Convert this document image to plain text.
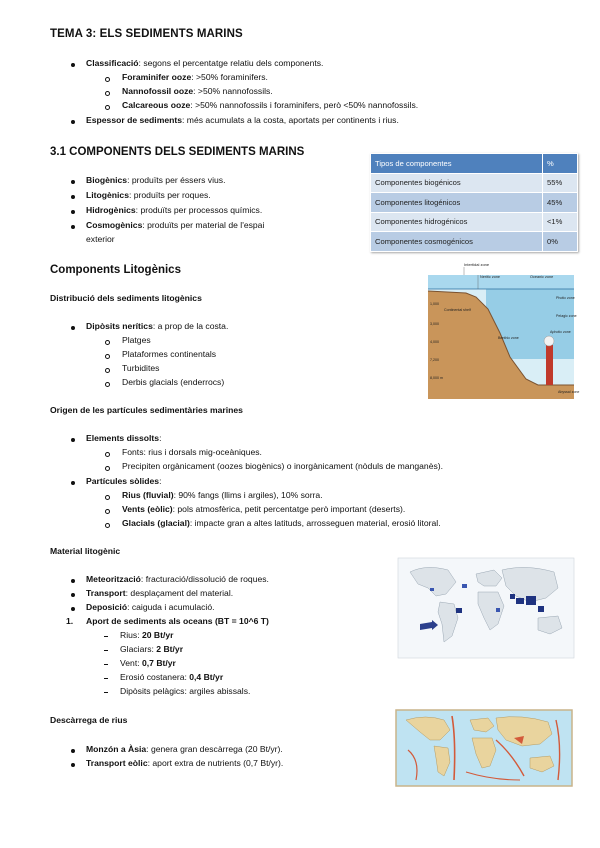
TEMA 3: ELS SEDIMENTS MARINS
Classificació: segons el percentatge relatiu dels components.
Foraminifer ooze: >50% foraminifers.
Nannofossil ooze: >50% nannofossils.
Calcareous ooze: >50% nannofossils i foraminifers, però <50% nannofossils.
Espessor de sediments: més acumulats a la costa, aportats per continents i rius.
3.1 COMPONENTS DELS SEDIMENTS MARINS
Biogènics: produïts per éssers vius.
Litogènics: produïts per roques.
Hidrogènics: produïts per processos químics.
Cosmogènics: produïts per material de l'espai
exterior
Tipos de componentes	%
Componentes biogénicos	55%
Componentes litogénicos	45%
Componentes hidrogénicos	<1%
Componentes cosmogénicos	0%
Components Litogènics
Distribució dels sediments litogènics
Dipòsits nerítics: a prop de la costa.
Platges
Plataformes continentals
Turbidites
Derbis glacials (enderrocs)
Intertidal zone
Neritic zone	Oceanic zone
Photic zone
Pelagic zone
Aphotic zone
Continental shelf
Benthic zone
Abyssal zone
1,000
3,000
4,000
7,200
8,000 m
Origen de les partícules sedimentàries marines
Elements dissolts:
Fonts: rius i dorsals mig-oceàniques.
Precipiten orgànicament (oozes biogènics) o inorgànicament (nòduls de manganès).
Partícules sòlides:
Rius (fluvial): 90% fangs (llims i argiles), 10% sorra.
Vents (eòlic): pols atmosfèrica, petit percentatge però important (deserts).
Glacials (glacial): impacte gran a altes latituds, arrosseguen material, erosió litoral.
Material litogènic
Meteorització: fracturació/dissolució de roques.
Transport: desplaçament del material.
Deposició: caiguda i acumulació.
1. Aport de sediments als oceans (BT = 10^6 T)
Rius: 20 Bt/yr
Glaciars: 2 Bt/yr
Vent: 0,7 Bt/yr
Erosió costanera: 0,4 Bt/yr
Dipòsits pelàgics: argiles abissals.
Descàrrega de rius
Monzón a Àsia: genera gran descàrrega (20 Bt/yr).
Transport eòlic: aport extra de nutrients (0,7 Bt/yr).
